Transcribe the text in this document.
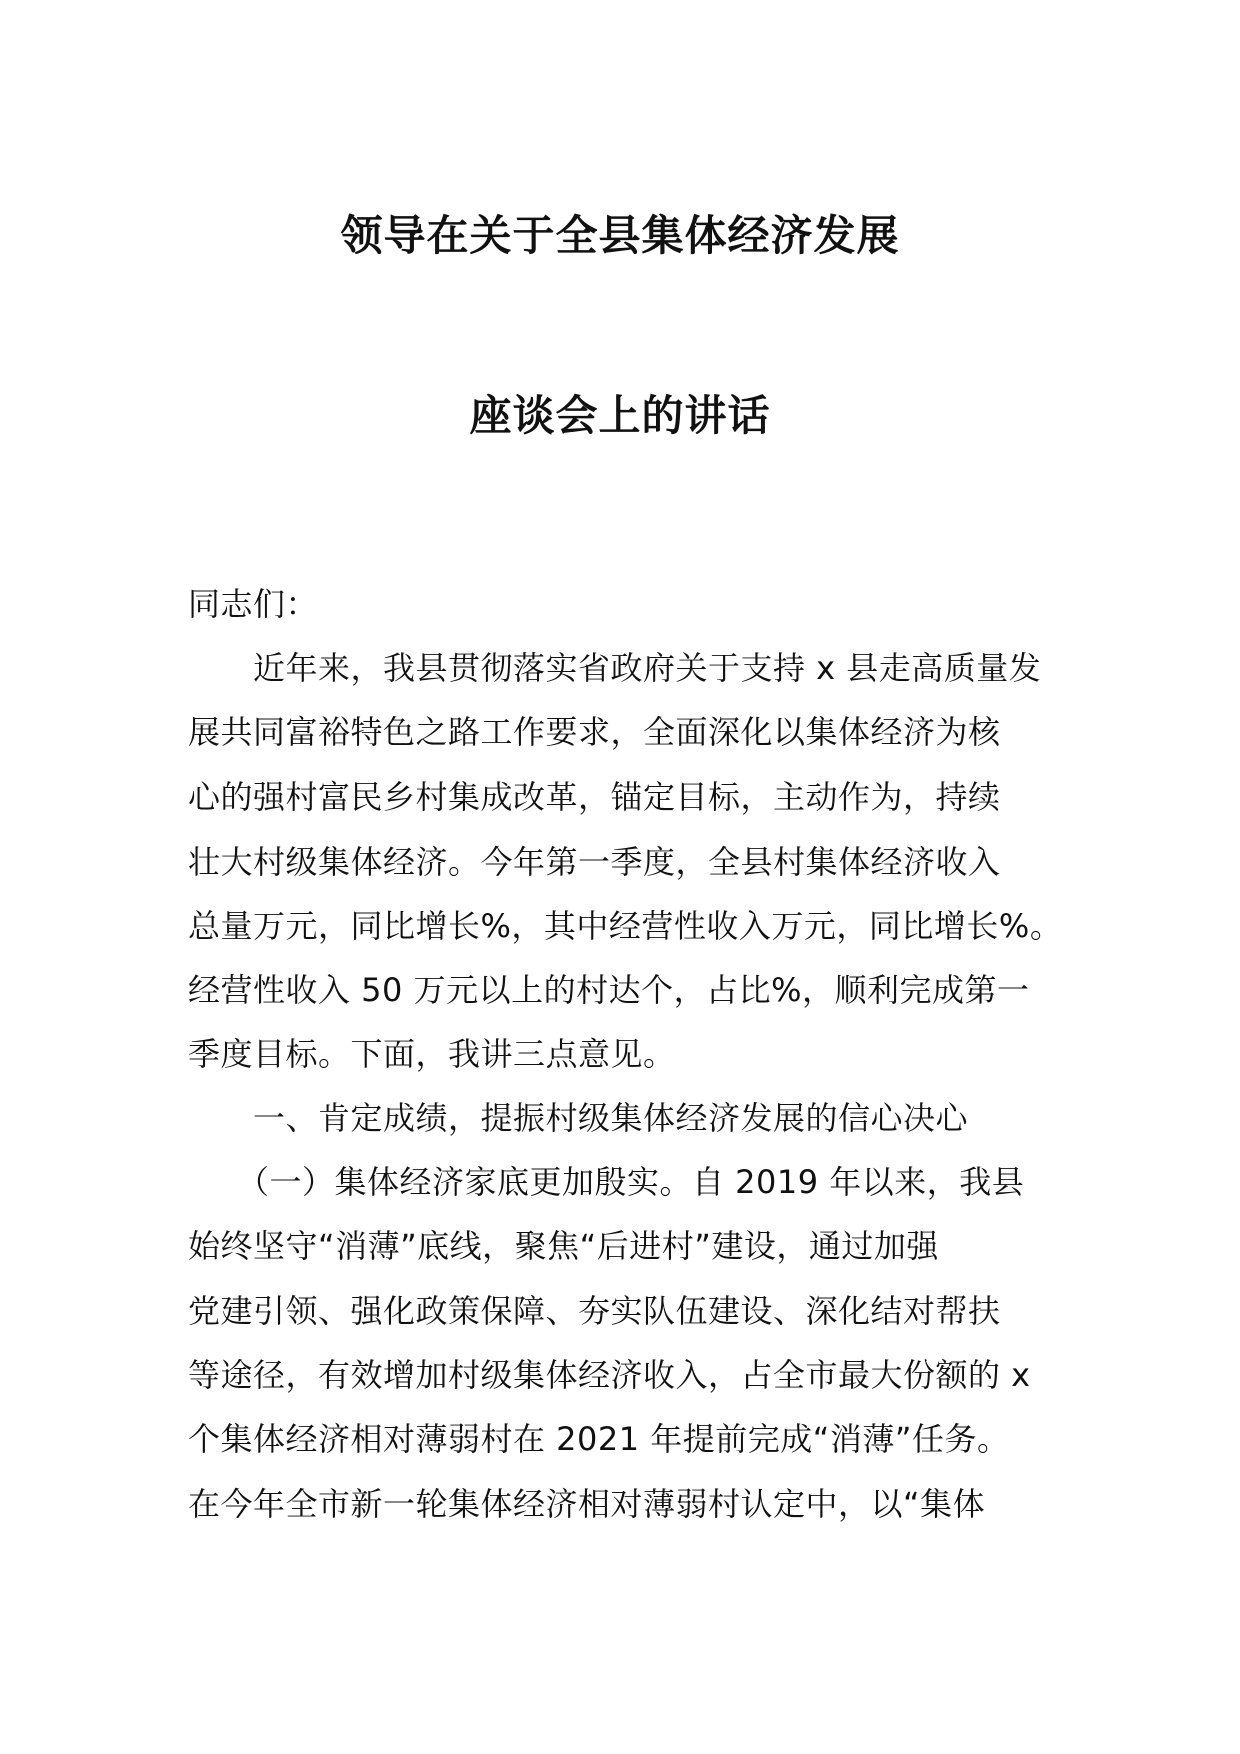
领导在关于全县集体经济发展
座谈会上的讲话
同志们：
　　近年来，我县贯彻落实省政府关于支持 x 县走高质量发
展共同富裕特色之路工作要求，全面深化以集体经济为核
心的强村富民乡村集成改革，锚定目标，主动作为，持续
壮大村级集体经济。今年第一季度，全县村集体经济收入
总量万元，同比增长%，其中经营性收入万元，同比增长%。
经营性收入 50 万元以上的村达个，占比%，顺利完成第一
季度目标。下面，我讲三点意见。
　　一、肯定成绩，提振村级集体经济发展的信心决心
　　（一）集体经济家底更加殷实。自 2019 年以来，我县
始终坚守“消薄”底线，聚焦“后进村”建设，通过加强
党建引领、强化政策保障、夯实队伍建设、深化结对帮扶
等途径，有效增加村级集体经济收入，占全市最大份额的 x
个集体经济相对薄弱村在 2021 年提前完成“消薄”任务。
在今年全市新一轮集体经济相对薄弱村认定中，以“集体
